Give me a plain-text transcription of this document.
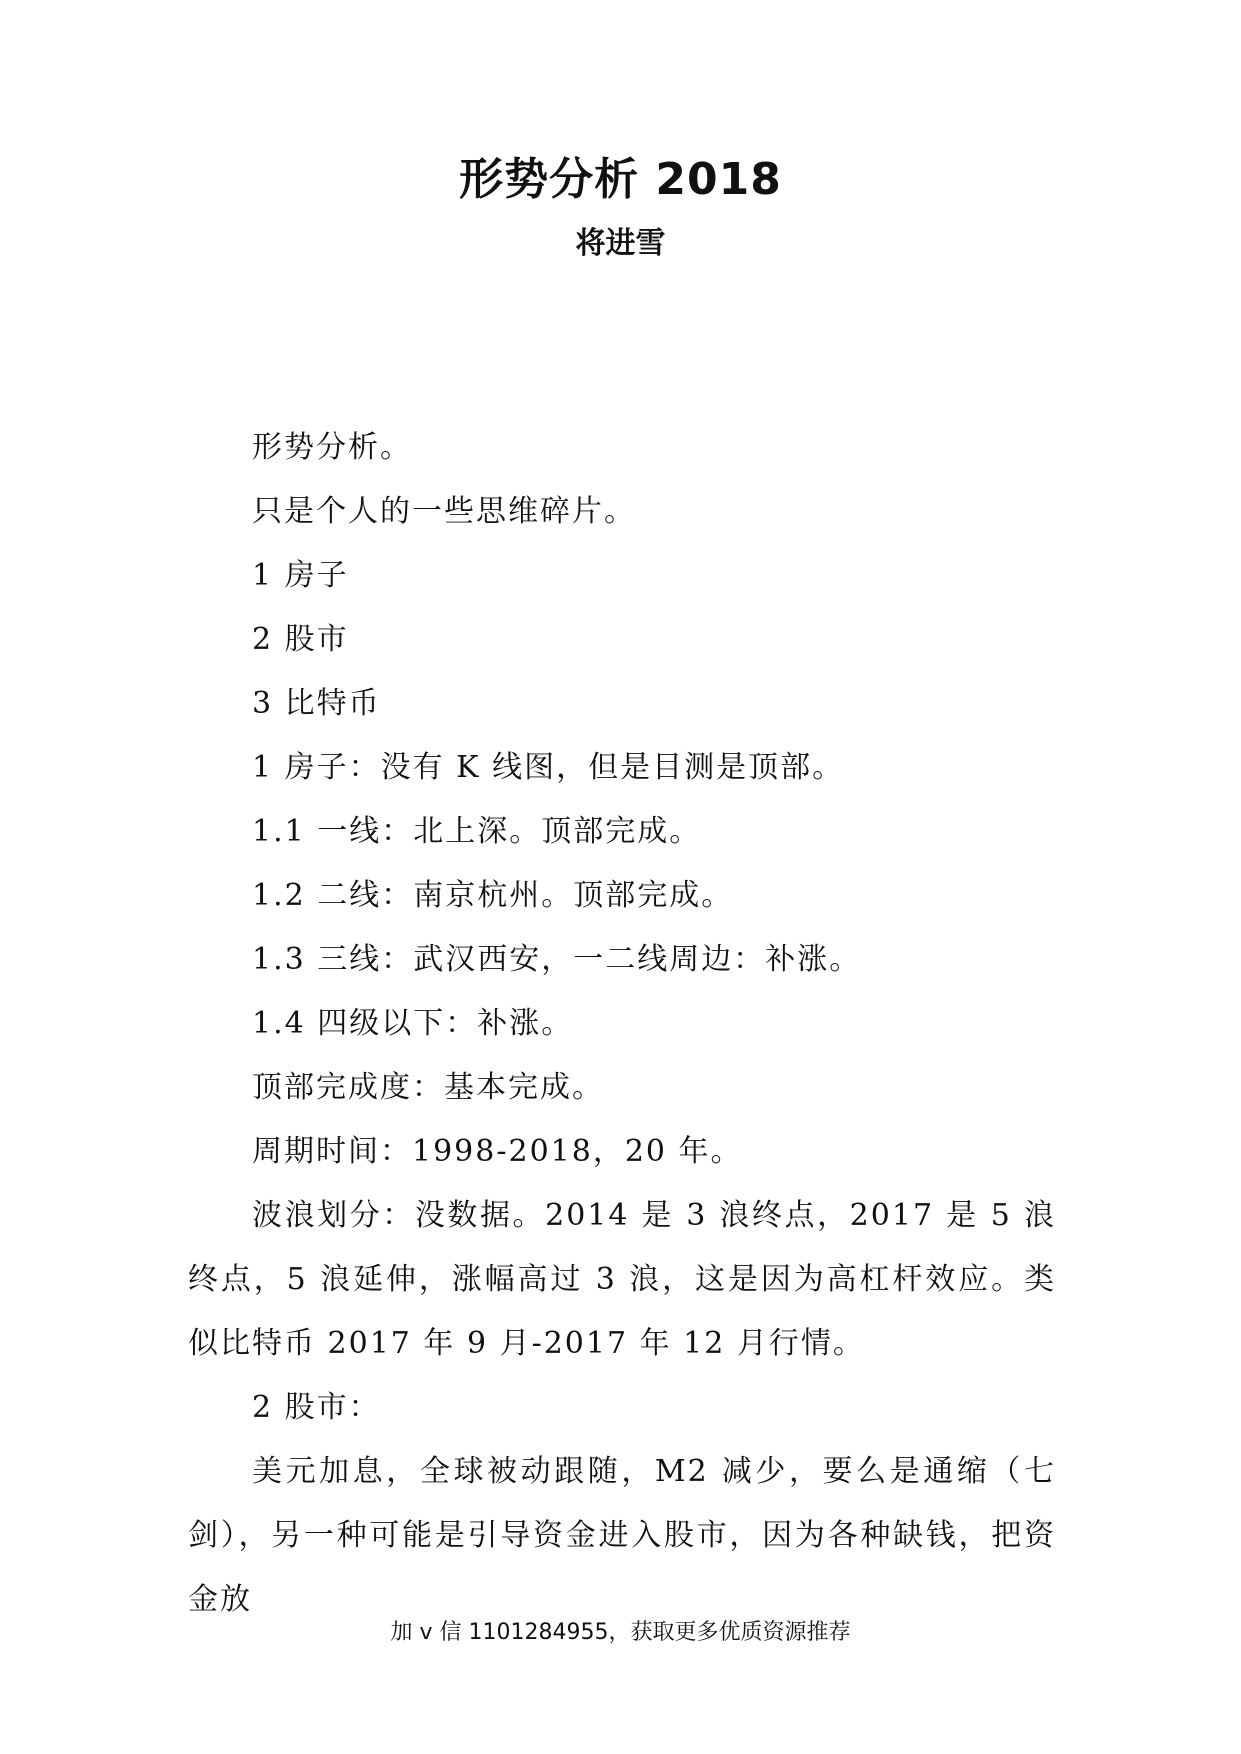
形势分析 2018
将进雪

形势分析。

只是个人的一些思维碎片。

1 房子

2 股市

3 比特币

1 房子：没有 K 线图，但是目测是顶部。

1.1 一线：北上深。顶部完成。

1.2 二线：南京杭州。顶部完成。

1.3 三线：武汉西安，一二线周边：补涨。

1.4 四级以下：补涨。

顶部完成度：基本完成。

周期时间：1998-2018，20 年。

波浪划分：没数据。2014 是 3 浪终点，2017 是 5 浪终点，5 浪延伸，涨幅高过 3 浪，这是因为高杠杆效应。类似比特币 2017 年 9 月-2017 年 12 月行情。

2 股市：

美元加息，全球被动跟随，M2 减少，要么是通缩（七剑），另一种可能是引导资金进入股市，因为各种缺钱，把资金放

加 v 信 1101284955，获取更多优质资源推荐
